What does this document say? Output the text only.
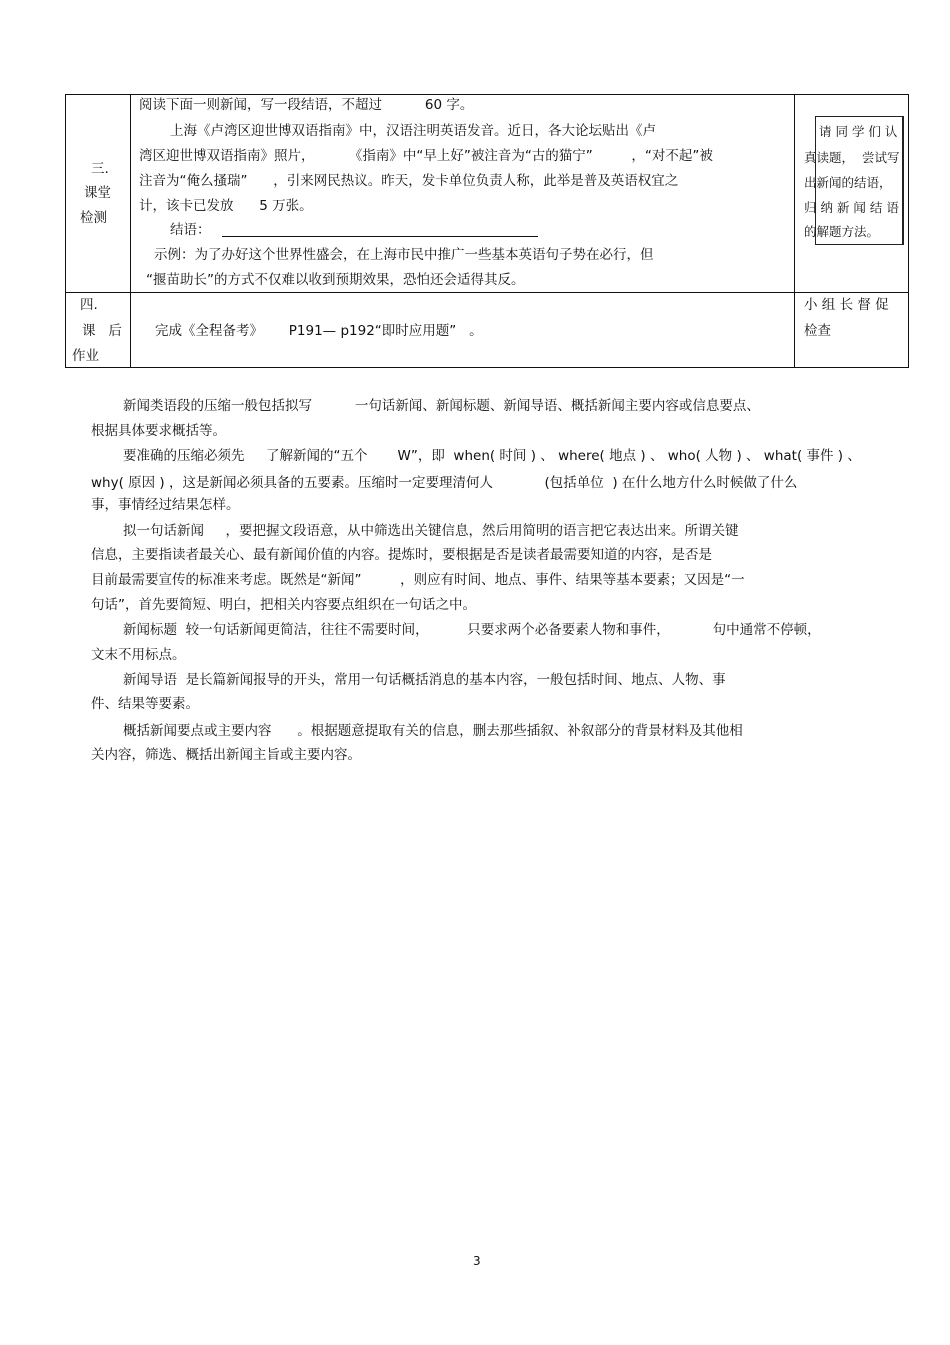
三.
课堂
检测
阅读下面一则新闻，写一段结语，不超过          60 字。
上海《卢湾区迎世博双语指南》中，汉语注明英语发音。近日，各大论坛贴出《卢
湾区迎世博双语指南》照片，        《指南》中“早上好”被注音为“古的猫宁”         ，“对不起”被
注音为“俺么搔瑞”      ，引来网民热议。昨天，发卡单位负责人称，此举是普及英语权宜之
计，该卡已发放      5 万张。
结语：
示例：为了办好这个世界性盛会，在上海市民中推广一些基本英语句子势在必行，但
“揠苗助长”的方式不仅难以收到预期效果，恐怕还会适得其反。
请 同 学 们 认
真读题，  尝试写
出新闻的结语，
归 纳 新 闻 结 语
的解题方法。
四.
课   后
作业
完成《全程备考》      P191— p192“即时应用题”   。
小 组 长 督 促
检查
新闻类语段的压缩一般包括拟写          一句话新闻、新闻标题、新闻导语、概括新闻主要内容或信息要点、
根据具体要求概括等。
要准确的压缩必须先     了解新闻的“五个       W”，即  when( 时间 ) 、 where( 地点 ) 、 who( 人物 ) 、 what( 事件 ) 、
why( 原因 ) ，这是新闻必须具备的五要素。压缩时一定要理清何人            (包括单位  ) 在什么地方什么时候做了什么
事，事情经过结果怎样。
拟一句话新闻     ，要把握文段语意，从中筛选出关键信息，然后用简明的语言把它表达出来。所谓关键
信息，主要指读者最关心、最有新闻价值的内容。提炼时，要根据是否是读者最需要知道的内容，是否是
目前最需要宣传的标准来考虑。既然是“新闻”         ，则应有时间、地点、事件、结果等基本要素；又因是“一
句话”，首先要简短、明白，把相关内容要点组织在一句话之中。
新闻标题  较一句话新闻更简洁，往往不需要时间，         只要求两个必备要素人物和事件，          句中通常不停顿，
文末不用标点。
新闻导语  是长篇新闻报导的开头，常用一句话概括消息的基本内容，一般包括时间、地点、人物、事
件、结果等要素。
概括新闻要点或主要内容      。根据题意提取有关的信息，删去那些插叙、补叙部分的背景材料及其他相
关内容，筛选、概括出新闻主旨或主要内容。
3
